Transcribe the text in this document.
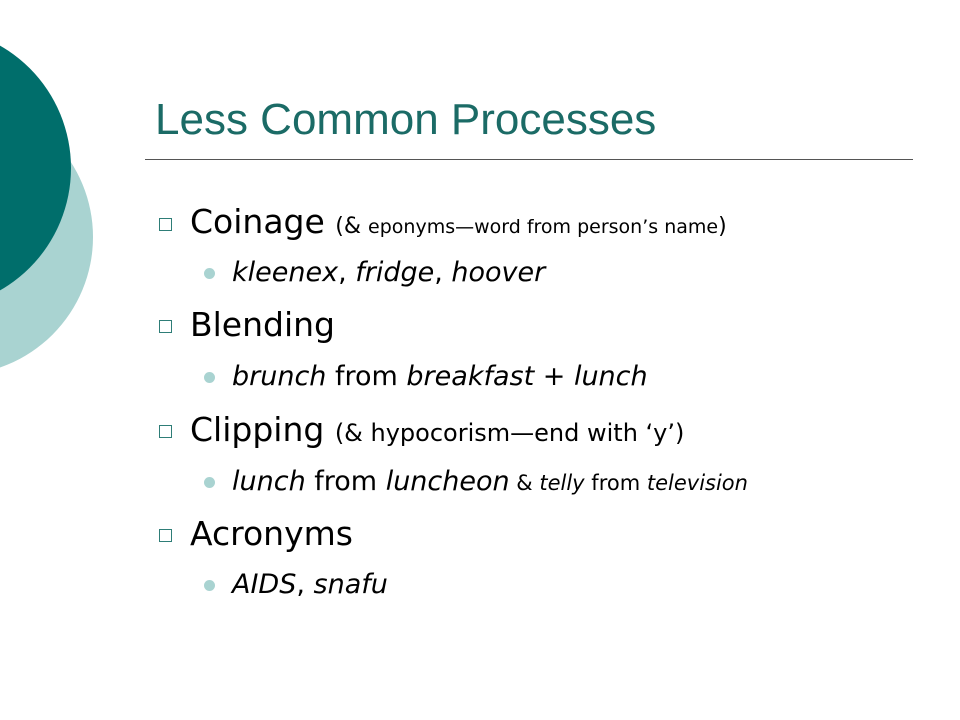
Less Common Processes
Coinage (& eponyms—word from person’s name)
kleenex, fridge, hoover
Blending
brunch from breakfast + lunch
Clipping (& hypocorism—end with ‘y’)
lunch from luncheon & telly from television
Acronyms
AIDS, snafu
